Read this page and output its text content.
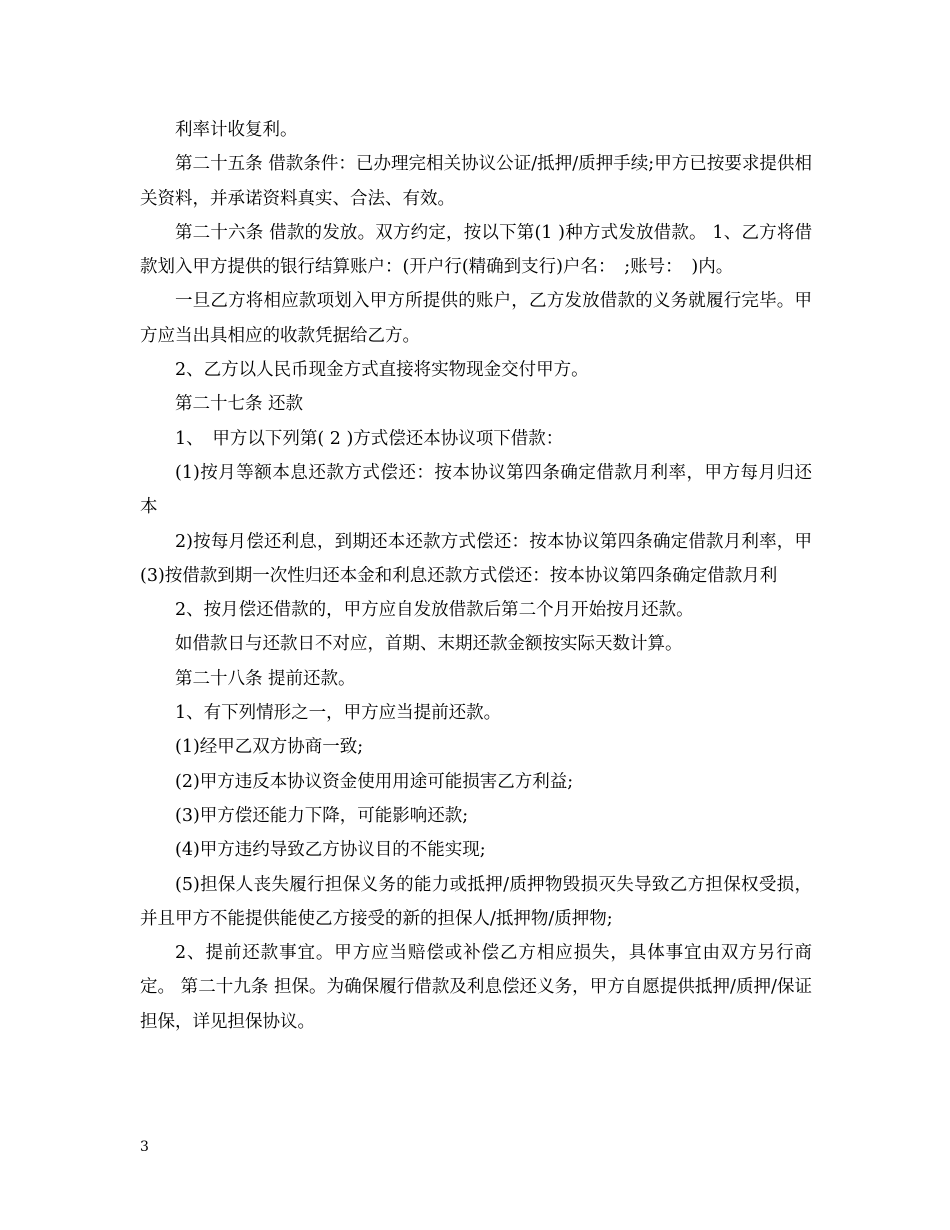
利率计收复利。

第二十五条 借款条件：已办理完相关协议公证/抵押/质押手续;甲方已按要求提供相关资料，并承诺资料真实、合法、有效。

第二十六条 借款的发放。双方约定，按以下第(1 )种方式发放借款。 1、乙方将借款划入甲方提供的银行结算账户：(开户行(精确到支行)户名：　;账号：　)内。

一旦乙方将相应款项划入甲方所提供的账户，乙方发放借款的义务就履行完毕。甲方应当出具相应的收款凭据给乙方。

2、乙方以人民币现金方式直接将实物现金交付甲方。

第二十七条 还款

1、　甲方以下列第( 2 )方式偿还本协议项下借款：

(1)按月等额本息还款方式偿还：按本协议第四条确定借款月利率，甲方每月归还本

2)按每月偿还利息，到期还本还款方式偿还：按本协议第四条确定借款月利率，甲(3)按借款到期一次性归还本金和利息还款方式偿还：按本协议第四条确定借款月利

2、按月偿还借款的，甲方应自发放借款后第二个月开始按月还款。

如借款日与还款日不对应，首期、末期还款金额按实际天数计算。

第二十八条 提前还款。

1、有下列情形之一，甲方应当提前还款。

(1)经甲乙双方协商一致;

(2)甲方违反本协议资金使用用途可能损害乙方利益;

(3)甲方偿还能力下降，可能影响还款;

(4)甲方违约导致乙方协议目的不能实现;

(5)担保人丧失履行担保义务的能力或抵押/质押物毁损灭失导致乙方担保权受损，并且甲方不能提供能使乙方接受的新的担保人/抵押物/质押物;

2、提前还款事宜。甲方应当赔偿或补偿乙方相应损失，具体事宜由双方另行商定。 第二十九条 担保。为确保履行借款及利息偿还义务，甲方自愿提供抵押/质押/保证担保，详见担保协议。

3
